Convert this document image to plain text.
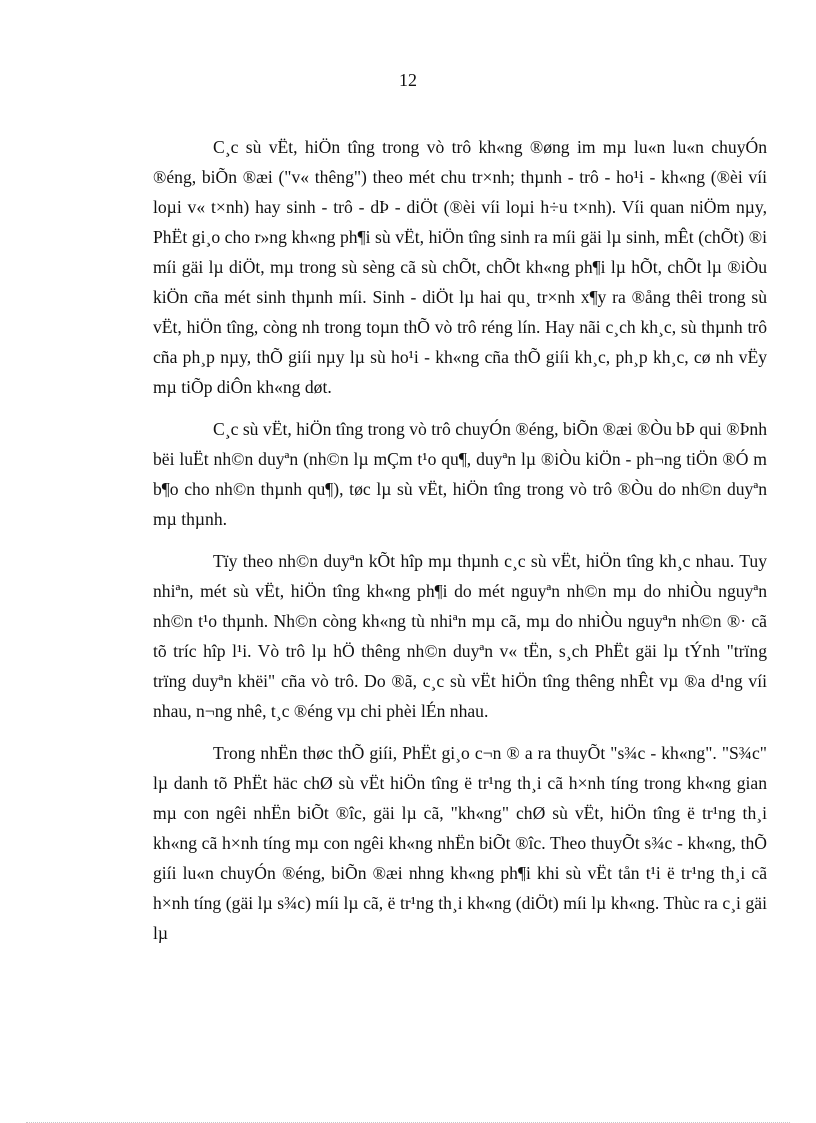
12

C¸c sù vËt, hiÖn tîng trong vò trô kh«ng ®øng im mµ lu«n lu«n chuyÓn ®éng, biÕn ®æi ("v« thêng") theo mét chu tr×nh; thµnh - trô - ho¹i - kh«ng (®èi víi loµi v« t×nh) hay sinh - trô - dÞ - diÖt (®èi víi loµi h÷u t×nh). Víi quan niÖm nµy, PhËt gi¸o cho r»ng kh«ng ph¶i sù vËt, hiÖn tîng sinh ra míi gäi lµ sinh, mÊt (chÕt) ®i míi gäi lµ diÖt, mµ trong sù sèng cã sù chÕt, chÕt kh«ng ph¶i lµ hÕt, chÕt lµ ®iÒu kiÖn cña mét sinh thµnh míi. Sinh - diÖt lµ hai qu¸ tr×nh x¶y ra ®ång thêi trong sù vËt, hiÖn tîng, còng nh trong toµn thÕ vò trô réng lín. Hay nãi c¸ch kh¸c, sù thµnh trô cña ph¸p nµy, thÕ giíi nµy lµ sù ho¹i - kh«ng cña thÕ giíi kh¸c, ph¸p kh¸c, cø nh vËy mµ tiÕp diÔn kh«ng døt.

C¸c sù vËt, hiÖn tîng trong vò trô chuyÓn ®éng, biÕn ®æi ®Òu bÞ qui ®Þnh bëi luËt nh©n duyªn (nh©n lµ mÇm t¹o qu¶, duyªn lµ ®iÒu kiÖn - ph¬ng tiÖn ®Ó m b¶o cho nh©n thµnh qu¶), tøc lµ sù vËt, hiÖn tîng trong vò trô ®Òu do nh©n duyªn mµ thµnh.

Tïy theo nh©n duyªn kÕt hîp mµ thµnh c¸c sù vËt, hiÖn tîng kh¸c nhau. Tuy nhiªn, mét sù vËt, hiÖn tîng kh«ng ph¶i do mét nguyªn nh©n mµ do nhiÒu nguyªn nh©n t¹o thµnh. Nh©n còng kh«ng tù nhiªn mµ cã, mµ do nhiÒu nguyªn nh©n ®· cã tõ tríc hîp l¹i. Vò trô lµ hÖ thêng nh©n duyªn v« tËn, s¸ch PhËt gäi lµ tÝnh "trïng trïng duyªn khëi" cña vò trô. Do ®ã, c¸c sù vËt hiÖn tîng thêng nhÊt vµ ®a d¹ng víi nhau, n¬ng nhê, t¸c ®éng vµ chi phèi lÉn nhau.

Trong nhËn thøc thÕ giíi, PhËt gi¸o c¬n ® a ra thuyÕt "s¾c - kh«ng". "S¾c" lµ danh tõ PhËt häc chØ sù vËt hiÖn tîng ë tr¹ng th¸i cã h×nh tíng trong kh«ng gian mµ con ngêi nhËn biÕt ®îc, gäi lµ cã, "kh«ng" chØ sù vËt, hiÖn tîng ë tr¹ng th¸i kh«ng cã h×nh tíng mµ con ngêi kh«ng nhËn biÕt ®îc. Theo thuyÕt s¾c - kh«ng, thÕ giíi lu«n chuyÓn ®éng, biÕn ®æi nhng kh«ng ph¶i khi sù vËt tån t¹i ë tr¹ng th¸i cã h×nh tíng (gäi lµ s¾c) míi lµ cã, ë tr¹ng th¸i kh«ng (diÖt) míi lµ kh«ng. Thùc ra c¸i gäi lµ
